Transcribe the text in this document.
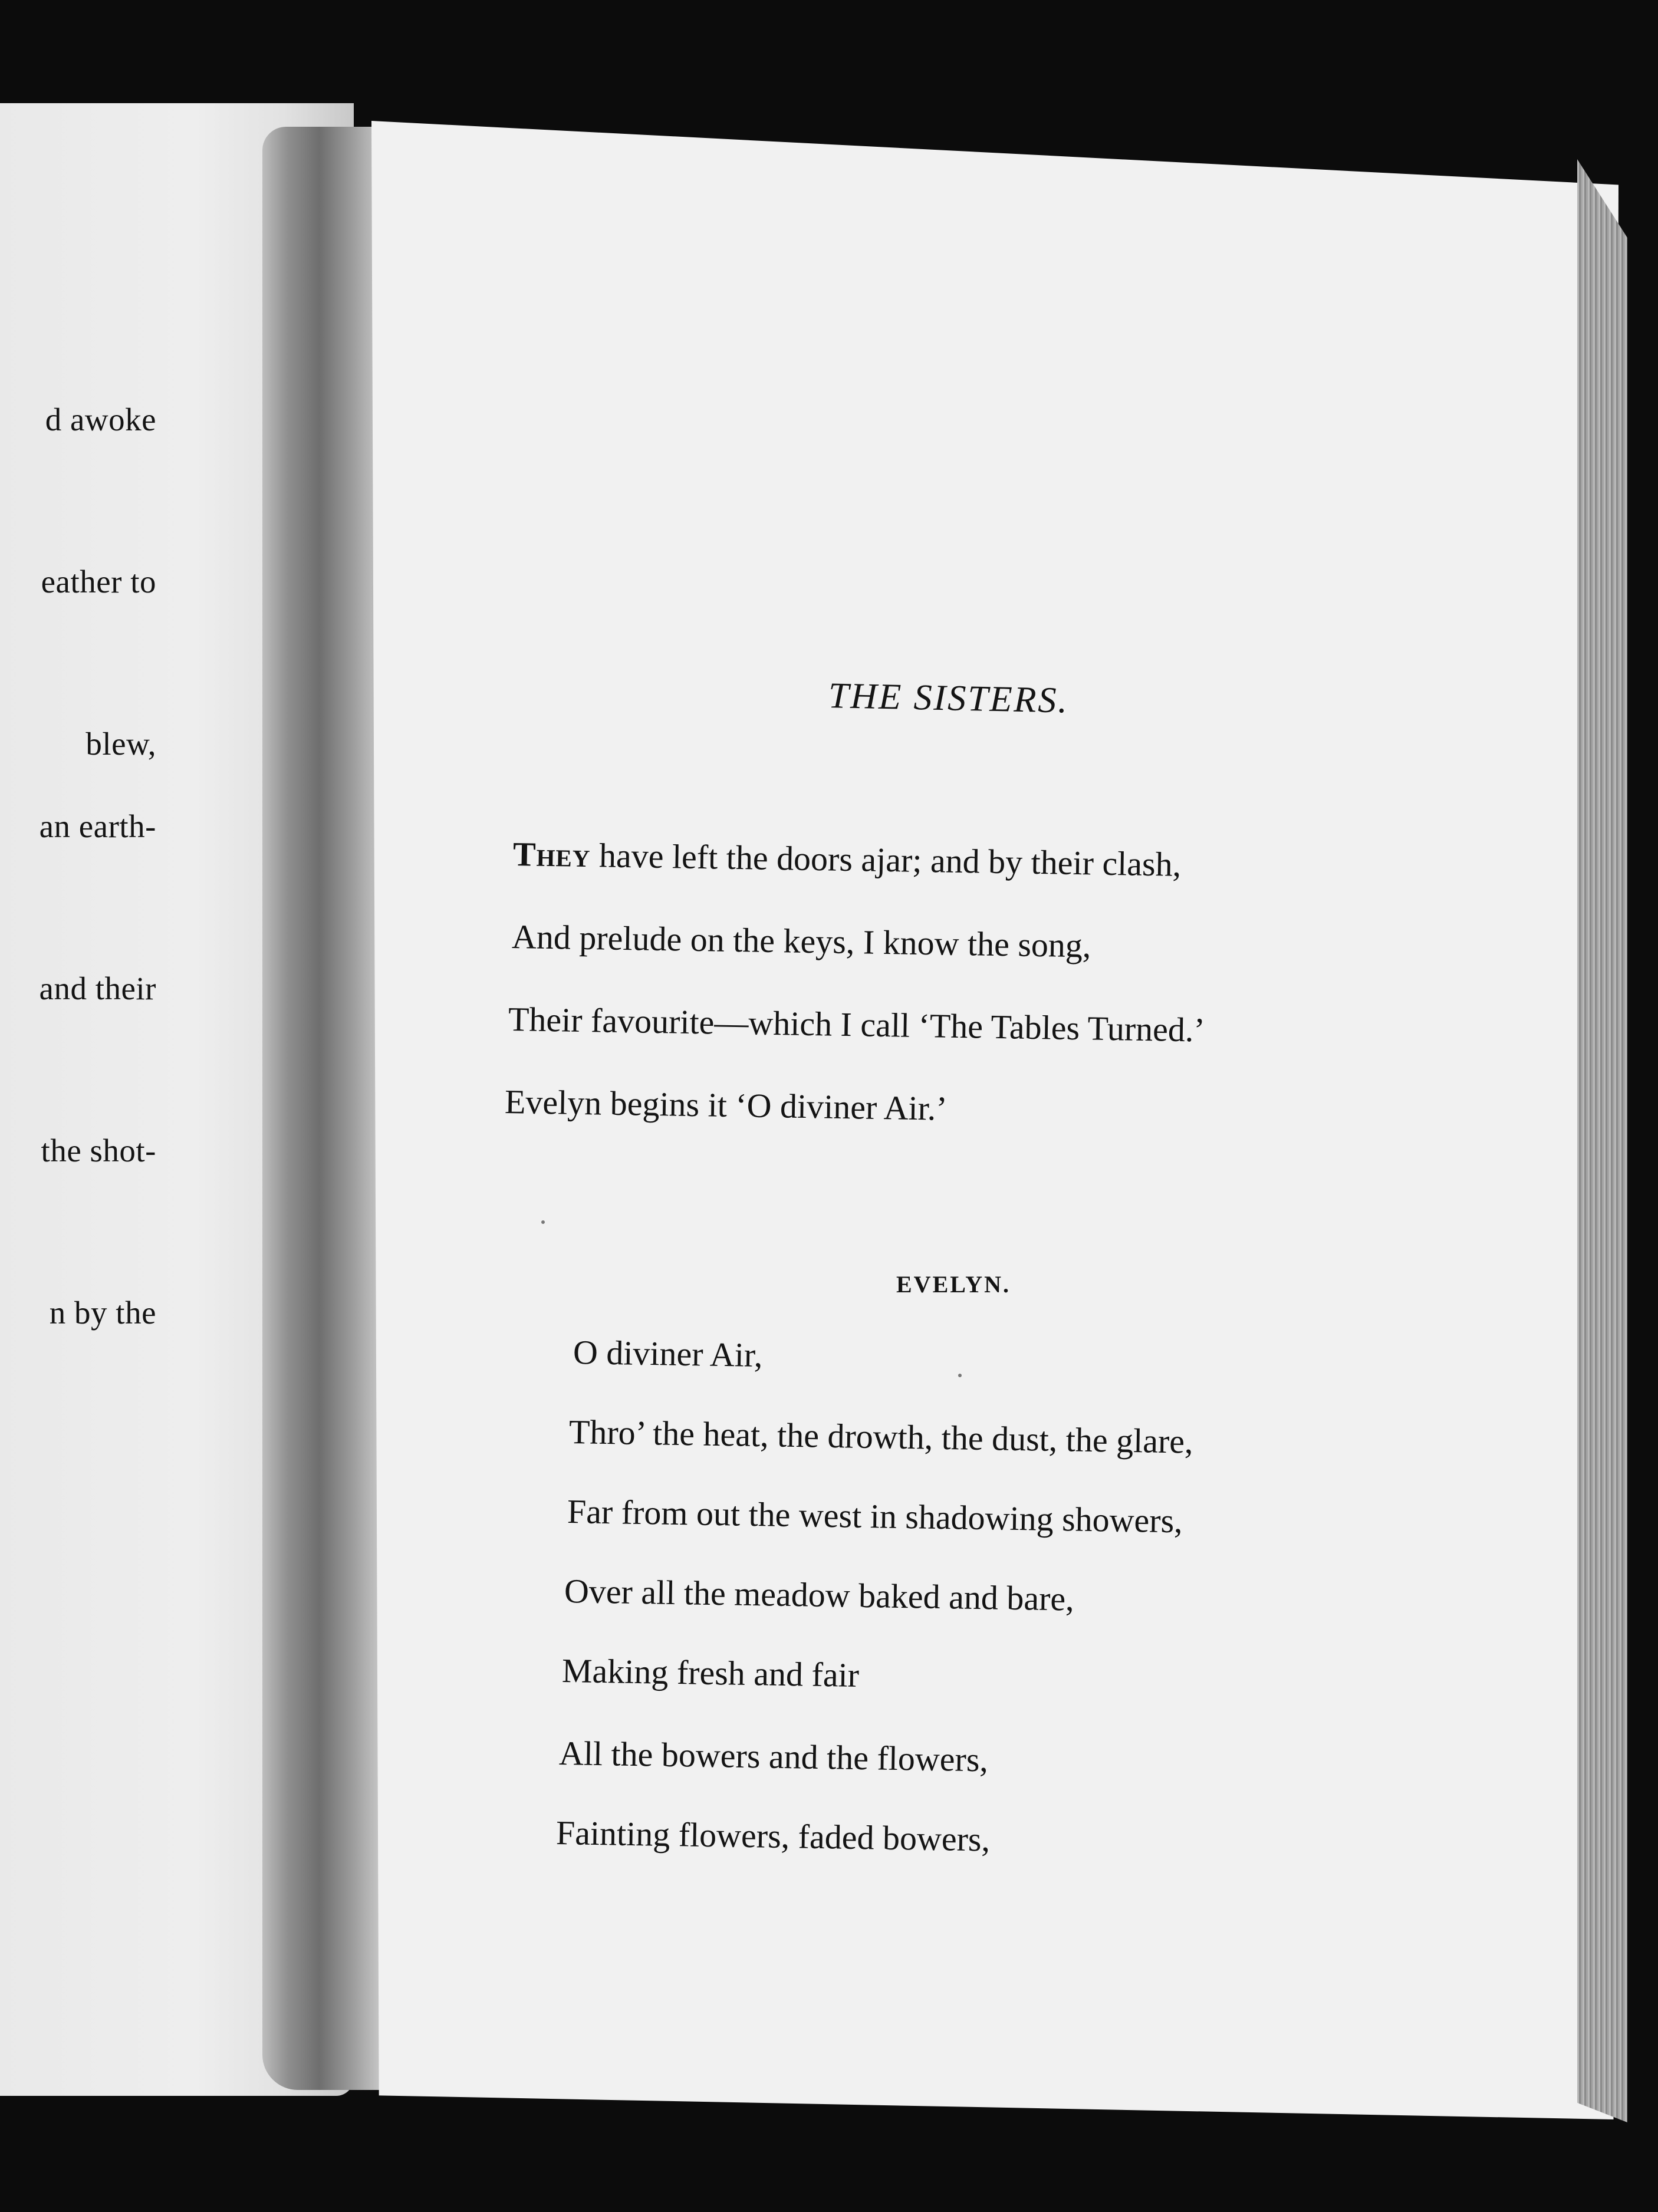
d awoke
eather to
blew,
an earth-
and their
the shot-
n by the
THE SISTERS.
They have left the doors ajar; and by their clash,
And prelude on the keys, I know the song,
Their favourite—which I call ‘The Tables Turned.’
Evelyn begins it ‘O diviner Air.’
EVELYN.
O diviner Air,
Thro’ the heat, the drowth, the dust, the glare,
Far from out the west in shadowing showers,
Over all the meadow baked and bare,
Making fresh and fair
All the bowers and the flowers,
Fainting flowers, faded bowers,
